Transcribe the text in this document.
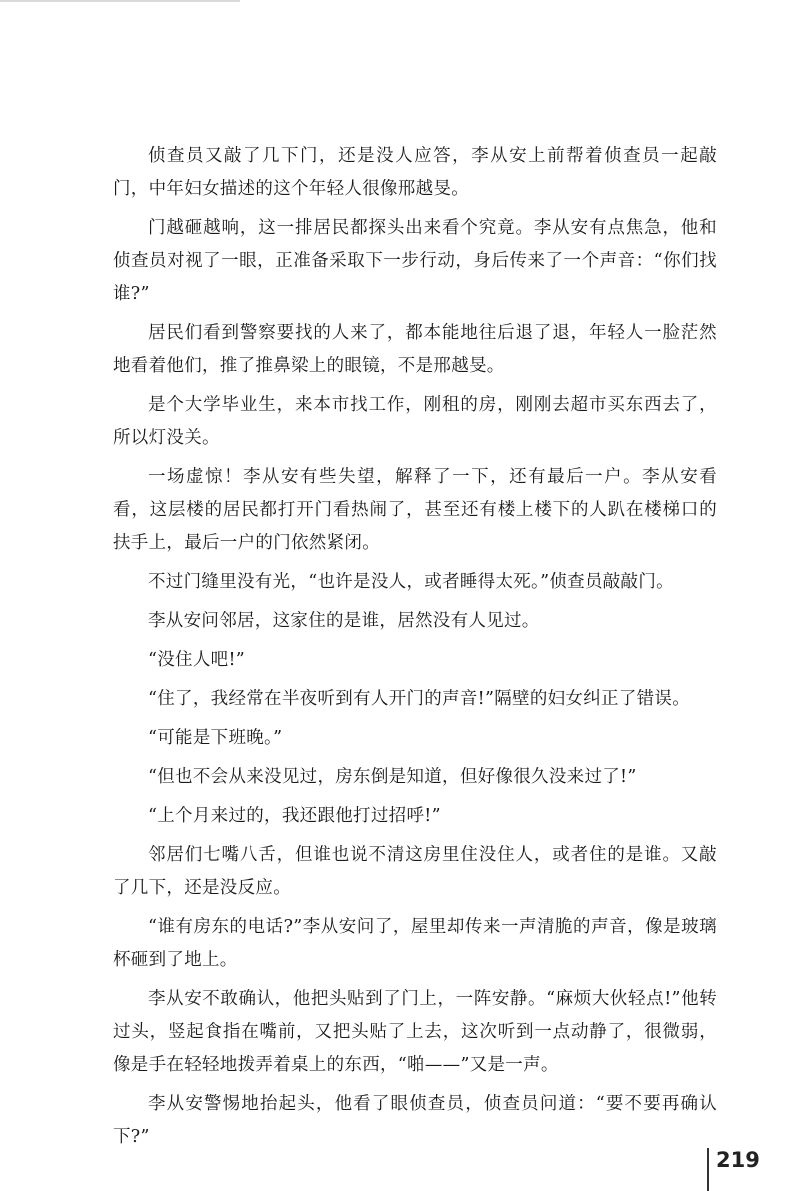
侦查员又敲了几下门，还是没人应答，李从安上前帮着侦查员一起敲门，中年妇女描述的这个年轻人很像邢越旻。

门越砸越响，这一排居民都探头出来看个究竟。李从安有点焦急，他和侦查员对视了一眼，正准备采取下一步行动，身后传来了一个声音：“你们找谁?”

居民们看到警察要找的人来了，都本能地往后退了退，年轻人一脸茫然地看着他们，推了推鼻梁上的眼镜，不是邢越旻。

是个大学毕业生，来本市找工作，刚租的房，刚刚去超市买东西去了，所以灯没关。

一场虚惊！李从安有些失望，解释了一下，还有最后一户。李从安看看，这层楼的居民都打开门看热闹了，甚至还有楼上楼下的人趴在楼梯口的扶手上，最后一户的门依然紧闭。

不过门缝里没有光，“也许是没人，或者睡得太死。”侦查员敲敲门。

李从安问邻居，这家住的是谁，居然没有人见过。

“没住人吧!”

“住了，我经常在半夜听到有人开门的声音!”隔壁的妇女纠正了错误。

“可能是下班晚。”

“但也不会从来没见过，房东倒是知道，但好像很久没来过了!”

“上个月来过的，我还跟他打过招呼!”

邻居们七嘴八舌，但谁也说不清这房里住没住人，或者住的是谁。又敲了几下，还是没反应。

“谁有房东的电话?”李从安问了，屋里却传来一声清脆的声音，像是玻璃杯砸到了地上。

李从安不敢确认，他把头贴到了门上，一阵安静。“麻烦大伙轻点!”他转过头，竖起食指在嘴前，又把头贴了上去，这次听到一点动静了，很微弱，像是手在轻轻地拨弄着桌上的东西，“啪——”又是一声。

李从安警惕地抬起头，他看了眼侦查员，侦查员问道：“要不要再确认下?”

219
